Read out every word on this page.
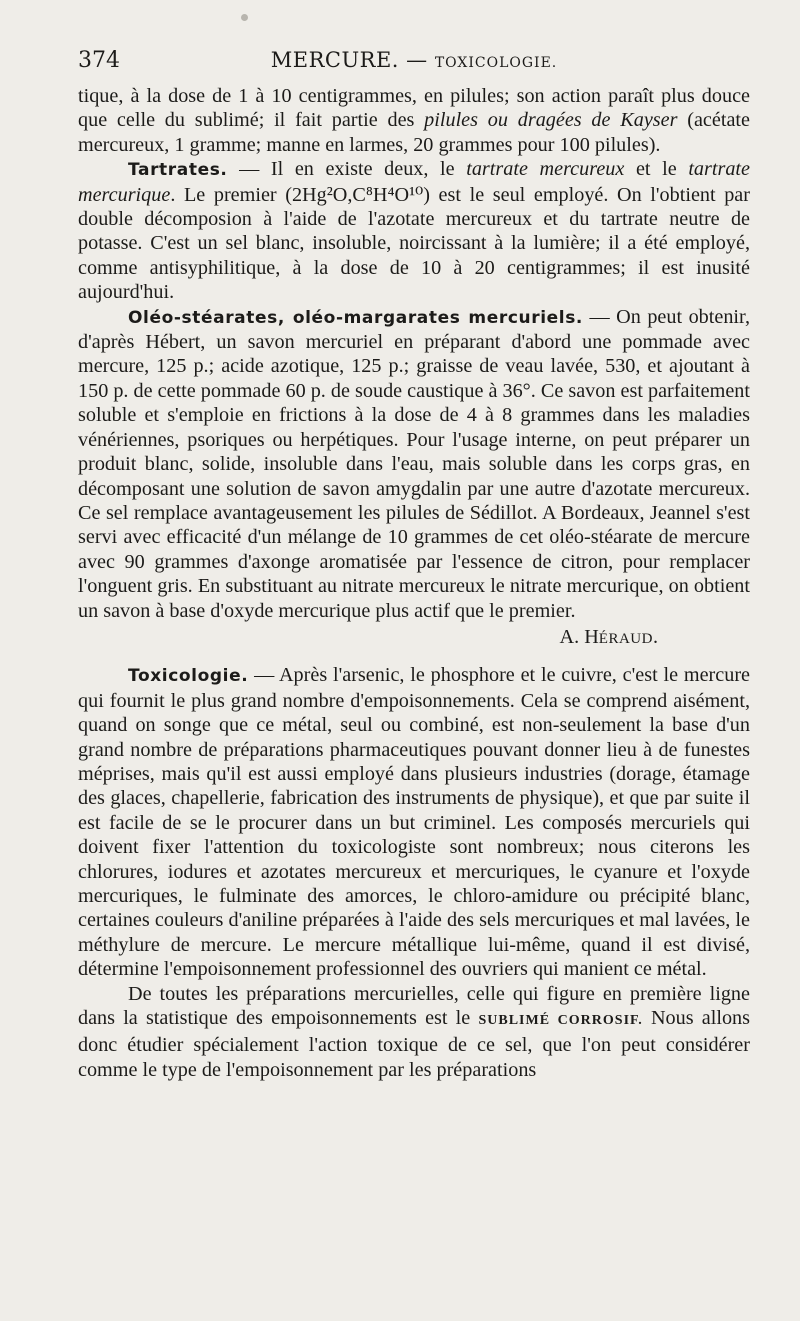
374	MERCURE. — TOXICOLOGIE.

tique, à la dose de 1 à 10 centigrammes, en pilules; son action paraît plus douce que celle du sublimé; il fait partie des pilules ou dragées de Kayser (acétate mercureux, 1 gramme; manne en larmes, 20 grammes pour 100 pilules).

Tartrates. — Il en existe deux, le tartrate mercureux et le tartrate mercurique. Le premier (2Hg²O,C⁸H⁴O¹⁰) est le seul employé. On l'obtient par double décomposion à l'aide de l'azotate mercureux et du tartrate neutre de potasse. C'est un sel blanc, insoluble, noircissant à la lumière; il a été employé, comme antisyphilitique, à la dose de 10 à 20 centigrammes; il est inusité aujourd'hui.

Oléo-stéarates, oléo-margarates mercuriels. — On peut obtenir, d'après Hébert, un savon mercuriel en préparant d'abord une pommade avec mercure, 125 p.; acide azotique, 125 p.; graisse de veau lavée, 530, et ajoutant à 150 p. de cette pommade 60 p. de soude caustique à 36°. Ce savon est parfaitement soluble et s'emploie en frictions à la dose de 4 à 8 grammes dans les maladies vénériennes, psoriques ou herpétiques. Pour l'usage interne, on peut préparer un produit blanc, solide, insoluble dans l'eau, mais soluble dans les corps gras, en décomposant une solution de savon amygdalin par une autre d'azotate mercureux. Ce sel remplace avantageusement les pilules de Sédillot. A Bordeaux, Jeannel s'est servi avec efficacité d'un mélange de 10 grammes de cet oléo-stéarate de mercure avec 90 grammes d'axonge aromatisée par l'essence de citron, pour remplacer l'onguent gris. En substituant au nitrate mercureux le nitrate mercurique, on obtient un savon à base d'oxyde mercurique plus actif que le premier.

A. HÉRAUD.

Toxicologie. — Après l'arsenic, le phosphore et le cuivre, c'est le mercure qui fournit le plus grand nombre d'empoisonnements. Cela se comprend aisément, quand on songe que ce métal, seul ou combiné, est non-seulement la base d'un grand nombre de préparations pharmaceutiques pouvant donner lieu à de funestes méprises, mais qu'il est aussi employé dans plusieurs industries (dorage, étamage des glaces, chapellerie, fabrication des instruments de physique), et que par suite il est facile de se le procurer dans un but criminel. Les composés mercuriels qui doivent fixer l'attention du toxicologiste sont nombreux; nous citerons les chlorures, iodures et azotates mercureux et mercuriques, le cyanure et l'oxyde mercuriques, le fulminate des amorces, le chloro-amidure ou précipité blanc, certaines couleurs d'aniline préparées à l'aide des sels mercuriques et mal lavées, le méthylure de mercure. Le mercure métallique lui-même, quand il est divisé, détermine l'empoisonnement professionnel des ouvriers qui manient ce métal.

De toutes les préparations mercurielles, celle qui figure en première ligne dans la statistique des empoisonnements est le SUBLIMÉ CORROSIF. Nous allons donc étudier spécialement l'action toxique de ce sel, que l'on peut considérer comme le type de l'empoisonnement par les préparations
